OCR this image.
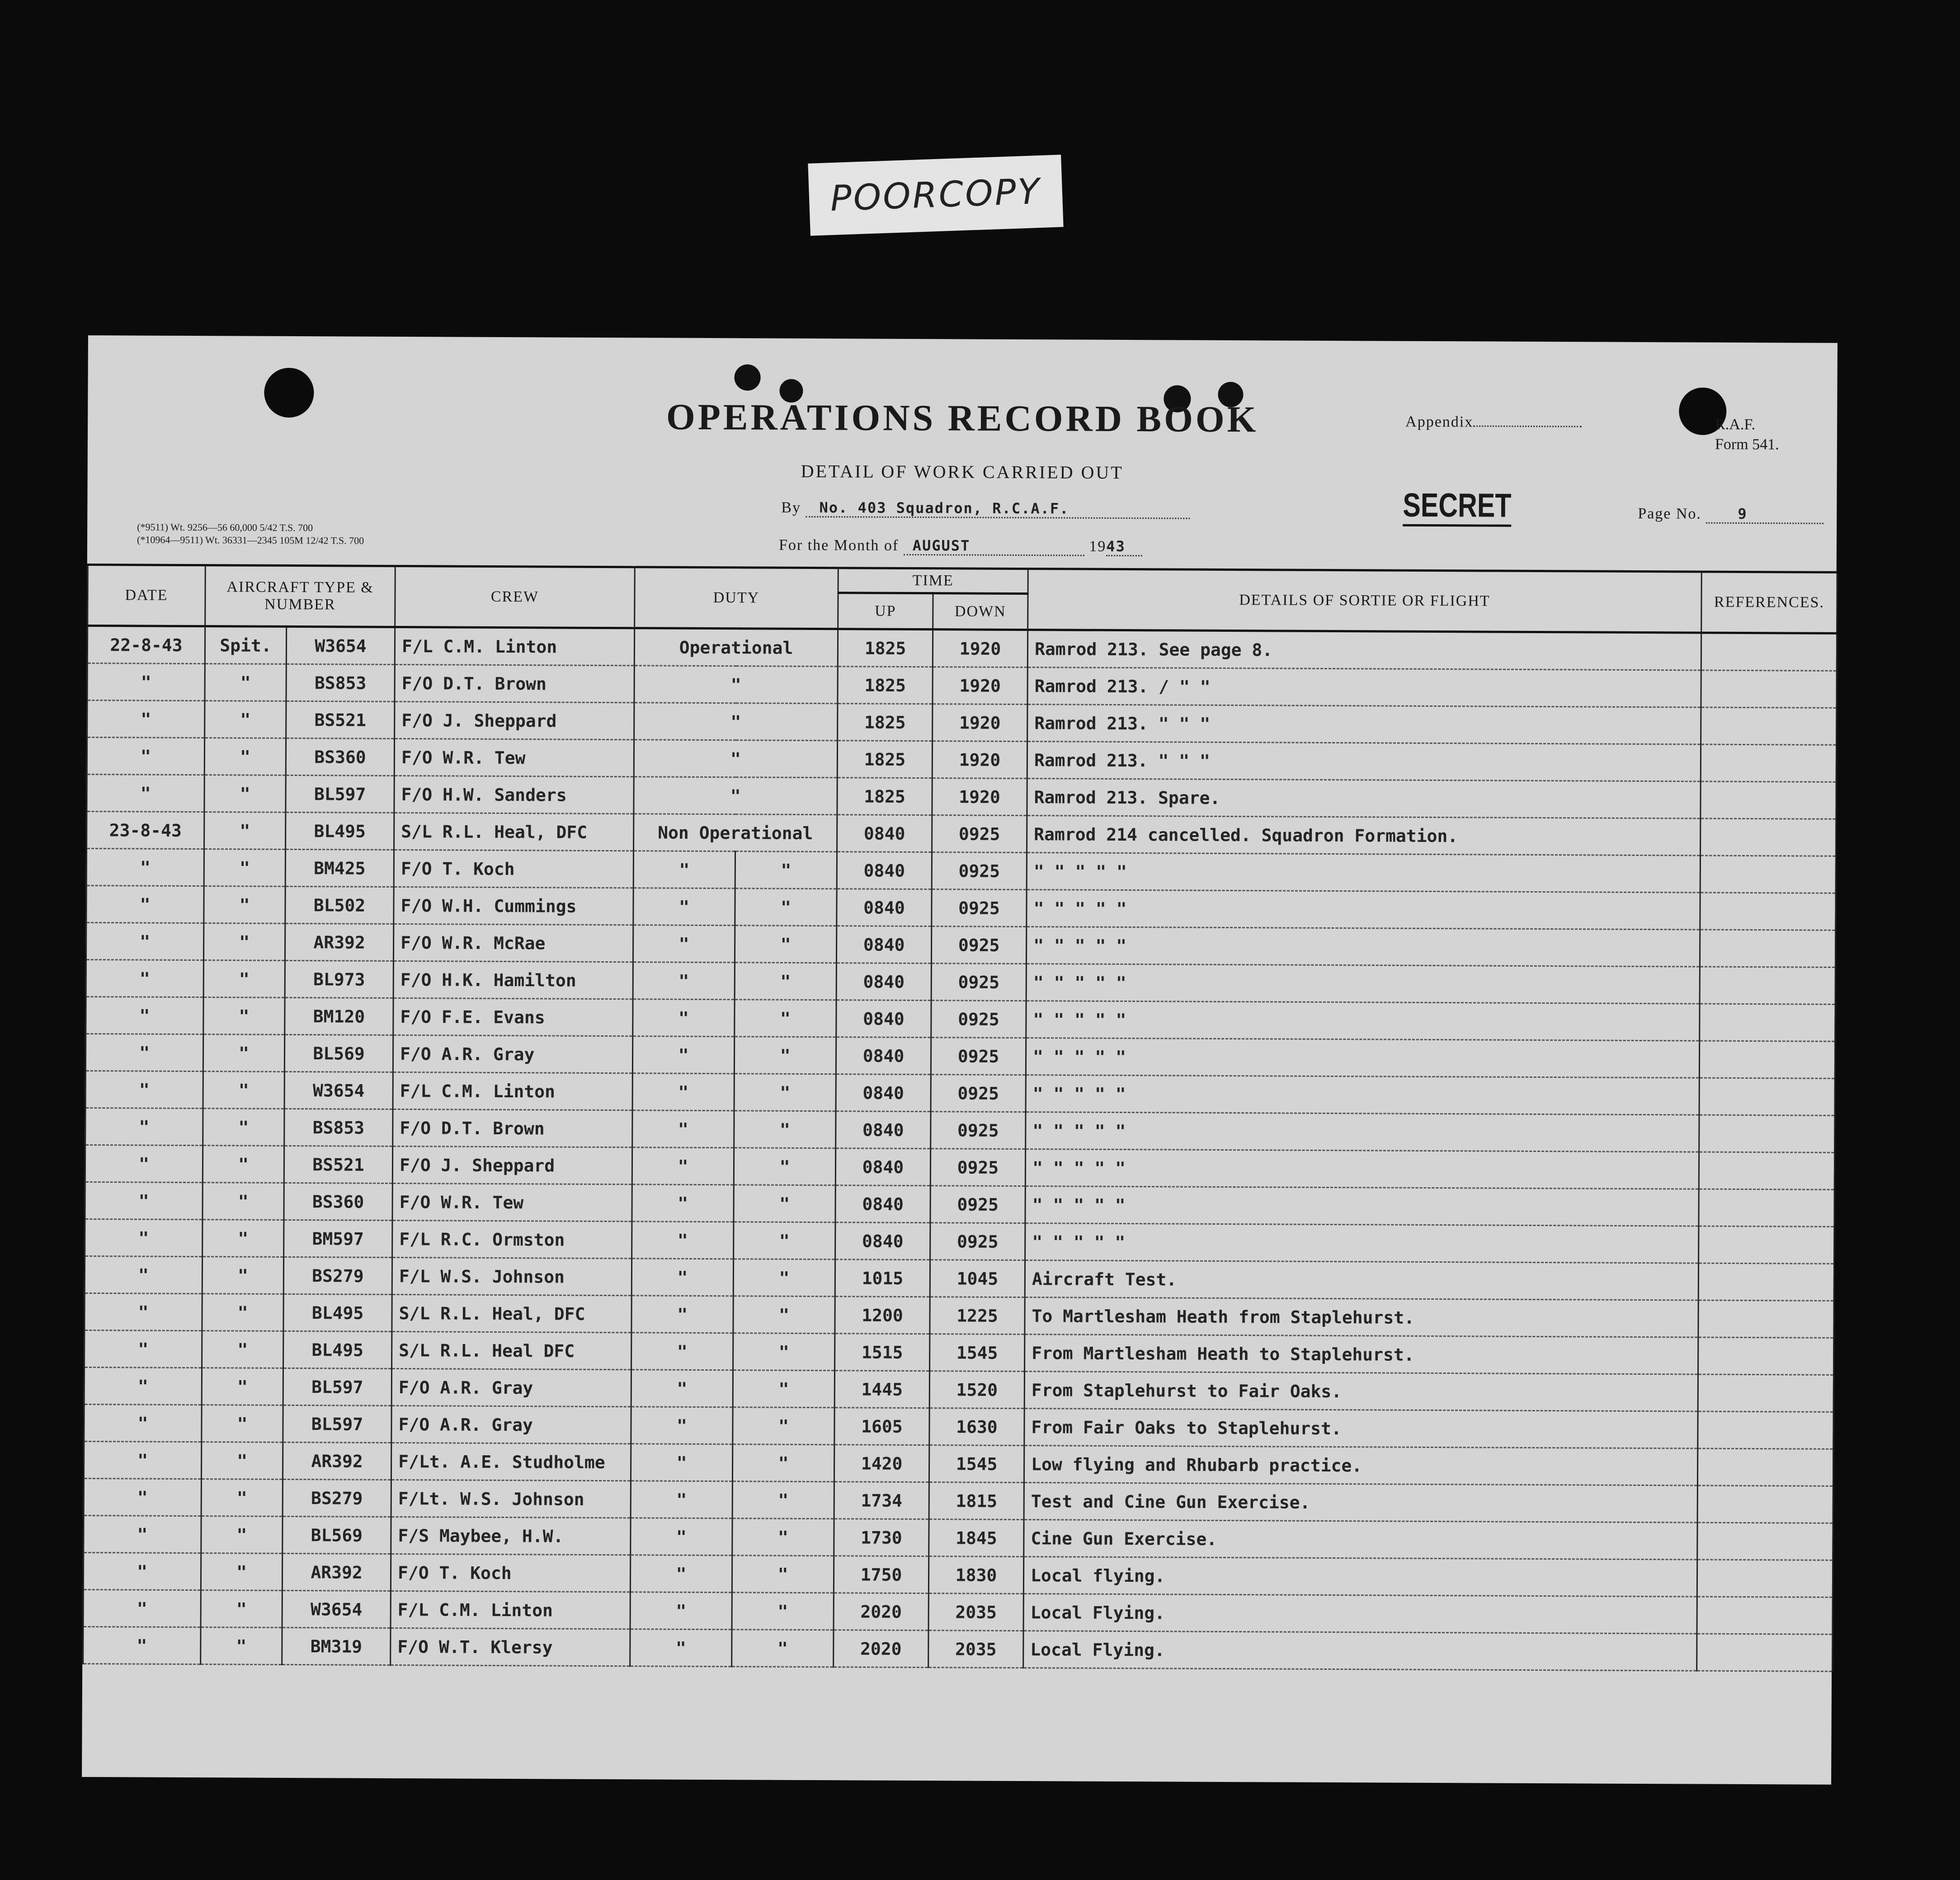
POORCOPY
OPERATIONS RECORD BOOK
DETAIL OF WORK CARRIED OUT
Appendix	R.A.F.
Form 541.
By No. 403 Squadron, R.C.A.F.
For the Month of AUGUST	1943
SECRET	Page No.	9
(*9511) Wt. 9256—56 60,000 5/42 T.S. 700
(*10964—9511) Wt. 36331—2345 105M 12/42 T.S. 700
DATE	AIRCRAFT TYPE & NUMBER		CREW	DUTY		TIME		DETAILS OF SORTIE OR FLIGHT	REFERENCES.
						UP	DOWN		
22-8-43	Spit.	W3654	F/L C.M. Linton	Operational		1825	1920	Ramrod 213. See page 8.	
"	"	BS853	F/O D.T. Brown	"		1825	1920	Ramrod 213. / " "	
"	"	BS521	F/O J. Sheppard	"		1825	1920	Ramrod 213. " " "	
"	"	BS360	F/O W.R. Tew	"		1825	1920	Ramrod 213. " " "	
"	"	BL597	F/O H.W. Sanders	"		1825	1920	Ramrod 213. Spare.	
23-8-43	"	BL495	S/L R.L. Heal, DFC	Non Operational		0840	0925	Ramrod 214 cancelled. Squadron Formation.	
"	"	BM425	F/O T. Koch	"	"	0840	0925	" " " " "	
"	"	BL502	F/O W.H. Cummings	"	"	0840	0925	" " " " "	
"	"	AR392	F/O W.R. McRae	"	"	0840	0925	" " " " "	
"	"	BL973	F/O H.K. Hamilton	"	"	0840	0925	" " " " "	
"	"	BM120	F/O F.E. Evans	"	"	0840	0925	" " " " "	
"	"	BL569	F/O A.R. Gray	"	"	0840	0925	" " " " "	
"	"	W3654	F/L C.M. Linton	"	"	0840	0925	" " " " "	
"	"	BS853	F/O D.T. Brown	"	"	0840	0925	" " " " "	
"	"	BS521	F/O J. Sheppard	"	"	0840	0925	" " " " "	
"	"	BS360	F/O W.R. Tew	"	"	0840	0925	" " " " "	
"	"	BM597	F/L R.C. Ormston	"	"	0840	0925	" " " " "	
"	"	BS279	F/L W.S. Johnson	"	"	1015	1045	Aircraft Test.	
"	"	BL495	S/L R.L. Heal, DFC	"	"	1200	1225	To Martlesham Heath from Staplehurst.	
"	"	BL495	S/L R.L. Heal DFC	"	"	1515	1545	From Martlesham Heath to Staplehurst.	
"	"	BL597	F/O A.R. Gray	"	"	1445	1520	From Staplehurst to Fair Oaks.	
"	"	BL597	F/O A.R. Gray	"	"	1605	1630	From Fair Oaks to Staplehurst.	
"	"	AR392	F/Lt. A.E. Studholme	"	"	1420	1545	Low flying and Rhubarb practice.	
"	"	BS279	F/Lt. W.S. Johnson	"	"	1734	1815	Test and Cine Gun Exercise.	
"	"	BL569	F/S Maybee, H.W.	"	"	1730	1845	Cine Gun Exercise.	
"	"	AR392	F/O T. Koch	"	"	1750	1830	Local flying.	
"	"	W3654	F/L C.M. Linton	"	"	2020	2035	Local Flying.	
"	"	BM319	F/O W.T. Klersy	"	"	2020	2035	Local Flying.	
